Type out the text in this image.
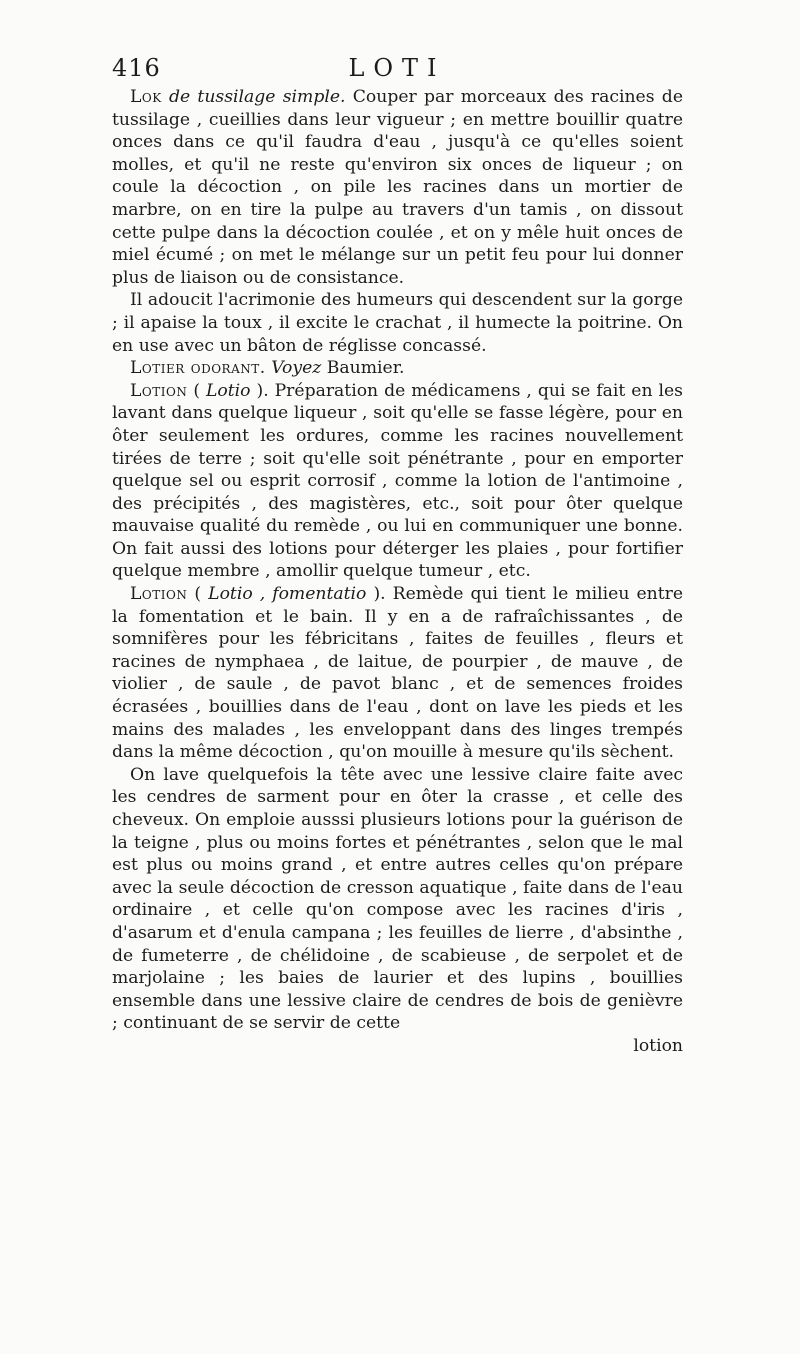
416	LOTI

Lok de tussilage simple. Couper par morceaux des racines de tussilage , cueillies dans leur vigueur ; en mettre bouillir quatre onces dans ce qu'il faudra d'eau , jusqu'à ce qu'elles soient molles, et qu'il ne reste qu'environ six onces de liqueur ; on coule la décoction , on pile les racines dans un mortier de marbre, on en tire la pulpe au travers d'un tamis , on dissout cette pulpe dans la décoction coulée , et on y mêle huit onces de miel écumé ; on met le mélange sur un petit feu pour lui donner plus de liaison ou de consistance.

Il adoucit l'acrimonie des humeurs qui descendent sur la gorge ; il apaise la toux , il excite le crachat , il humecte la poitrine. On en use avec un bâton de réglisse concassé.

Lotier odorant. Voyez Baumier.

Lotion ( Lotio ). Préparation de médicamens , qui se fait en les lavant dans quelque liqueur , soit qu'elle se fasse légère, pour en ôter seulement les ordures, comme les racines nouvellement tirées de terre ; soit qu'elle soit pénétrante , pour en emporter quelque sel ou esprit corrosif , comme la lotion de l'antimoine , des précipités , des magistères, etc., soit pour ôter quelque mauvaise qualité du remède , ou lui en communiquer une bonne. On fait aussi des lotions pour déterger les plaies , pour fortifier quelque membre , amollir quelque tumeur , etc.

Lotion ( Lotio , fomentatio ). Remède qui tient le milieu entre la fomentation et le bain. Il y en a de rafraîchissantes , de somnifères pour les fébricitans , faites de feuilles , fleurs et racines de nymphaea , de laitue, de pourpier , de mauve , de violier , de saule , de pavot blanc , et de semences froides écrasées , bouillies dans de l'eau , dont on lave les pieds et les mains des malades , les enveloppant dans des linges trempés dans la même décoction , qu'on mouille à mesure qu'ils sèchent.

On lave quelquefois la tête avec une lessive claire faite avec les cendres de sarment pour en ôter la crasse , et celle des cheveux. On emploie ausssi plusieurs lotions pour la guérison de la teigne , plus ou moins fortes et pénétrantes , selon que le mal est plus ou moins grand , et entre autres celles qu'on prépare avec la seule décoction de cresson aquatique , faite dans de l'eau ordinaire , et celle qu'on compose avec les racines d'iris , d'asarum et d'enula campana ; les feuilles de lierre , d'absinthe , de fumeterre , de chélidoine , de scabieuse , de serpolet et de marjolaine ; les baies de laurier et des lupins , bouillies ensemble dans une lessive claire de cendres de bois de genièvre ; continuant de se servir de cette

lotion
